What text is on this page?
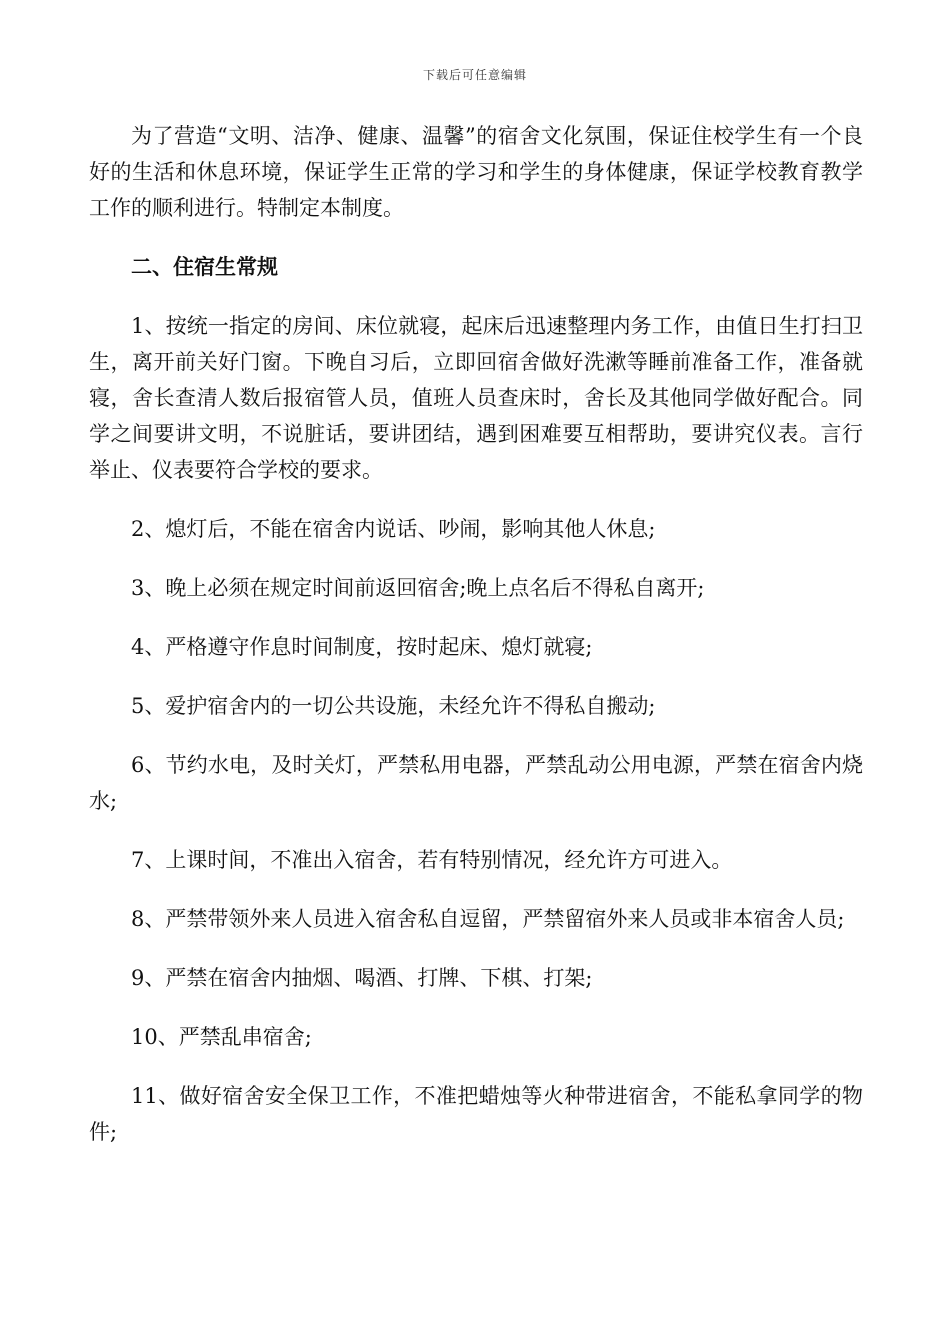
下载后可任意编辑

为了营造“文明、洁净、健康、温馨”的宿舍文化氛围，保证住校学生有一个良好的生活和休息环境，保证学生正常的学习和学生的身体健康，保证学校教育教学工作的顺利进行。特制定本制度。

二、住宿生常规

1、按统一指定的房间、床位就寝，起床后迅速整理内务工作，由值日生打扫卫生，离开前关好门窗。下晚自习后，立即回宿舍做好洗漱等睡前准备工作，准备就寝，舍长查清人数后报宿管人员，值班人员查床时，舍长及其他同学做好配合。同学之间要讲文明，不说脏话，要讲团结，遇到困难要互相帮助，要讲究仪表。言行举止、仪表要符合学校的要求。

2、熄灯后，不能在宿舍内说话、吵闹，影响其他人休息;

3、晚上必须在规定时间前返回宿舍;晚上点名后不得私自离开;

4、严格遵守作息时间制度，按时起床、熄灯就寝;

5、爱护宿舍内的一切公共设施，未经允许不得私自搬动;

6、节约水电，及时关灯，严禁私用电器，严禁乱动公用电源，严禁在宿舍内烧水;

7、上课时间，不准出入宿舍，若有特别情况，经允许方可进入。

8、严禁带领外来人员进入宿舍私自逗留，严禁留宿外来人员或非本宿舍人员;

9、严禁在宿舍内抽烟、喝酒、打牌、下棋、打架;

10、严禁乱串宿舍;

11、做好宿舍安全保卫工作，不准把蜡烛等火种带进宿舍，不能私拿同学的物件;
